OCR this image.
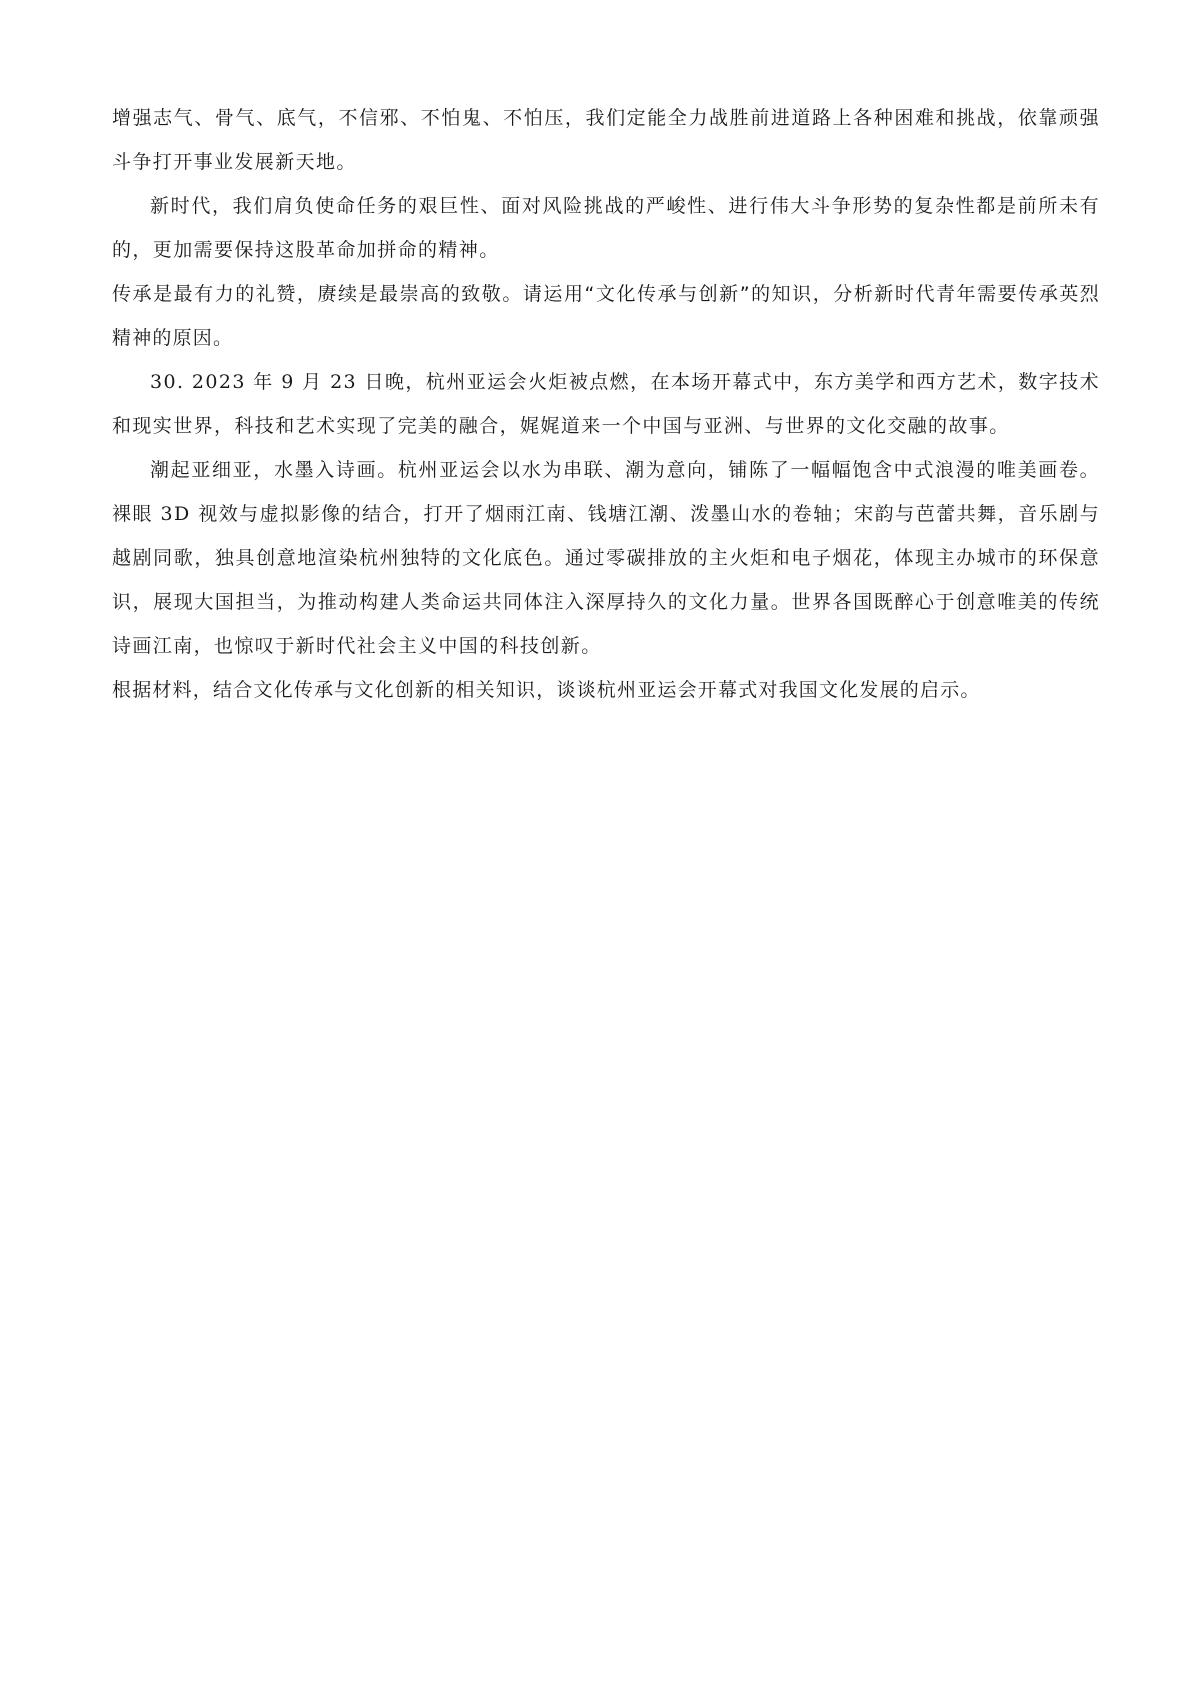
增强志气、骨气、底气，不信邪、不怕鬼、不怕压，我们定能全力战胜前进道路上各种困难和挑战，依靠顽强斗争打开事业发展新天地。

新时代，我们肩负使命任务的艰巨性、面对风险挑战的严峻性、进行伟大斗争形势的复杂性都是前所未有的，更加需要保持这股革命加拼命的精神。

传承是最有力的礼赞，赓续是最崇高的致敬。请运用“文化传承与创新”的知识，分析新时代青年需要传承英烈精神的原因。

30. 2023 年 9 月 23 日晚，杭州亚运会火炬被点燃，在本场开幕式中，东方美学和西方艺术，数字技术和现实世界，科技和艺术实现了完美的融合，娓娓道来一个中国与亚洲、与世界的文化交融的故事。

潮起亚细亚，水墨入诗画。杭州亚运会以水为串联、潮为意向，铺陈了一幅幅饱含中式浪漫的唯美画卷。裸眼 3D 视效与虚拟影像的结合，打开了烟雨江南、钱塘江潮、泼墨山水的卷轴；宋韵与芭蕾共舞，音乐剧与越剧同歌，独具创意地渲染杭州独特的文化底色。通过零碳排放的主火炬和电子烟花，体现主办城市的环保意识，展现大国担当，为推动构建人类命运共同体注入深厚持久的文化力量。世界各国既醉心于创意唯美的传统诗画江南，也惊叹于新时代社会主义中国的科技创新。

根据材料，结合文化传承与文化创新的相关知识，谈谈杭州亚运会开幕式对我国文化发展的启示。
